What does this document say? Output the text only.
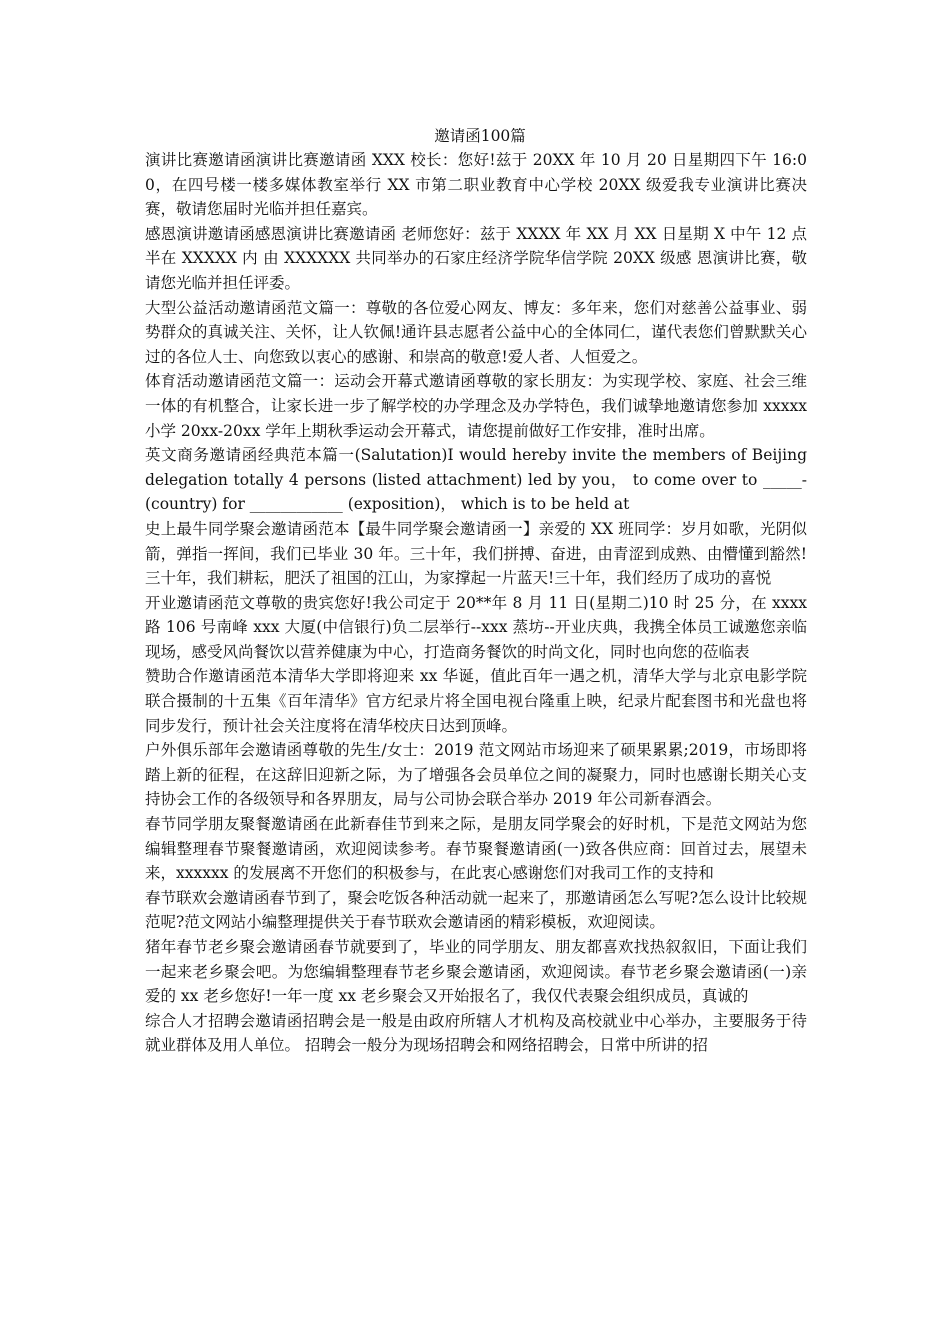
邀请函100篇

演讲比赛邀请函演讲比赛邀请函 XXX 校长：您好!兹于 20XX 年 10 月 20 日星期四下午 16:00，在四号楼一楼多媒体教室举行 XX 市第二职业教育中心学校 20XX 级爱我专业演讲比赛决赛，敬请您届时光临并担任嘉宾。

感恩演讲邀请函感恩演讲比赛邀请函 老师您好：兹于 XXXX 年 XX 月 XX 日星期 X 中午 12 点半在 XXXXX 内 由 XXXXXX 共同举办的石家庄经济学院华信学院 20XX 级感 恩演讲比赛，敬请您光临并担任评委。

大型公益活动邀请函范文篇一：尊敬的各位爱心网友、博友：多年来，您们对慈善公益事业、弱势群众的真诚关注、关怀，让人钦佩!通许县志愿者公益中心的全体同仁，谨代表您们曾默默关心过的各位人士、向您致以衷心的感谢、和崇高的敬意!爱人者、人恒爱之。

体育活动邀请函范文篇一：运动会开幕式邀请函尊敬的家长朋友：为实现学校、家庭、社会三维一体的有机整合，让家长进一步了解学校的办学理念及办学特色，我们诚挚地邀请您参加 xxxxx 小学 20xx-20xx 学年上期秋季运动会开幕式，请您提前做好工作安排，准时出席。

英文商务邀请函经典范本篇一(Salutation)I would hereby invite the members of Beijing delegation totally 4 persons (listed attachment) led by you， to come over to _____-(country) for ____________ (exposition)， which is to be held at

史上最牛同学聚会邀请函范本【最牛同学聚会邀请函一】亲爱的 XX 班同学：岁月如歌，光阴似箭，弹指一挥间，我们已毕业 30 年。三十年，我们拼搏、奋进，由青涩到成熟、由懵懂到豁然!三十年，我们耕耘，肥沃了祖国的江山，为家撑起一片蓝天!三十年，我们经历了成功的喜悦

开业邀请函范文尊敬的贵宾您好!我公司定于 20**年 8 月 11 日(星期二)10 时 25 分，在 xxxx 路 106 号南峰 xxx 大厦(中信银行)负二层举行--xxx 蒸坊--开业庆典，我携全体员工诚邀您亲临现场，感受风尚餐饮以营养健康为中心，打造商务餐饮的时尚文化，同时也向您的莅临表

赞助合作邀请函范本清华大学即将迎来 xx 华诞，值此百年一遇之机，清华大学与北京电影学院联合摄制的十五集《百年清华》官方纪录片将全国电视台隆重上映，纪录片配套图书和光盘也将同步发行，预计社会关注度将在清华校庆日达到顶峰。

户外俱乐部年会邀请函尊敬的先生/女士：2019 范文网站市场迎来了硕果累累;2019，市场即将踏上新的征程，在这辞旧迎新之际，为了增强各会员单位之间的凝聚力，同时也感谢长期关心支持协会工作的各级领导和各界朋友，局与公司协会联合举办 2019 年公司新春酒会。

春节同学朋友聚餐邀请函在此新春佳节到来之际，是朋友同学聚会的好时机，下是范文网站为您编辑整理春节聚餐邀请函，欢迎阅读参考。春节聚餐邀请函(一)致各供应商：回首过去，展望未来，xxxxxx 的发展离不开您们的积极参与，在此衷心感谢您们对我司工作的支持和

春节联欢会邀请函春节到了，聚会吃饭各种活动就一起来了，那邀请函怎么写呢?怎么设计比较规范呢?范文网站小编整理提供关于春节联欢会邀请函的精彩模板，欢迎阅读。

猪年春节老乡聚会邀请函春节就要到了，毕业的同学朋友、朋友都喜欢找热叙叙旧，下面让我们一起来老乡聚会吧。为您编辑整理春节老乡聚会邀请函，欢迎阅读。春节老乡聚会邀请函(一)亲爱的 xx 老乡您好!一年一度 xx 老乡聚会又开始报名了，我仅代表聚会组织成员，真诚的

综合人才招聘会邀请函招聘会是一般是由政府所辖人才机构及高校就业中心举办，主要服务于待就业群体及用人单位。 招聘会一般分为现场招聘会和网络招聘会，日常中所讲的招
